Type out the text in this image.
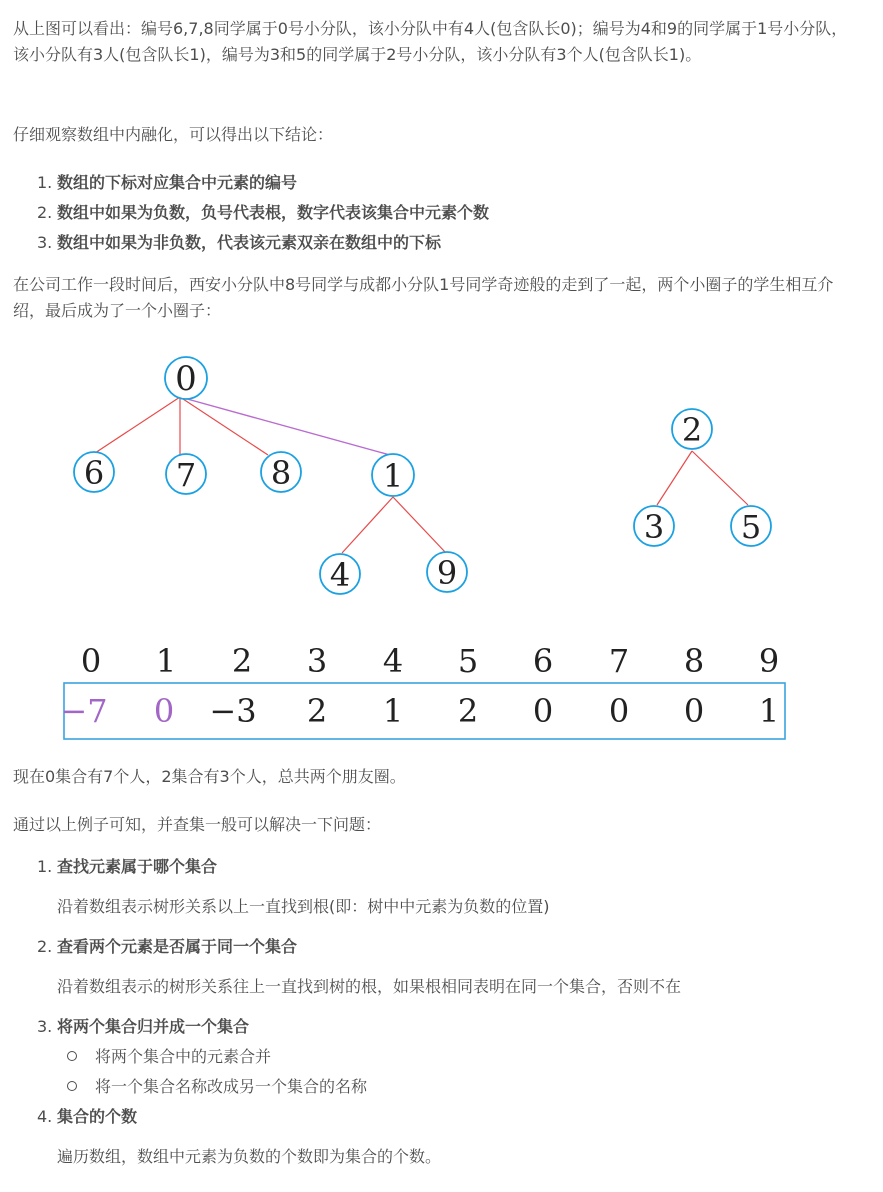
从上图可以看出：编号6,7,8同学属于0号小分队，该小分队中有4人(包含队长0)；编号为4和9的同学属于1号小分队，该小分队有3人(包含队长1)，编号为3和5的同学属于2号小分队，该小分队有3个人(包含队长1)。

仔细观察数组中内融化，可以得出以下结论：

1. 数组的下标对应集合中元素的编号
2. 数组中如果为负数，负号代表根，数字代表该集合中元素个数
3. 数组中如果为非负数，代表该元素双亲在数组中的下标

在公司工作一段时间后，西安小分队中8号同学与成都小分队1号同学奇迹般的走到了一起，两个小圈子的学生相互介绍，最后成为了一个小圈子：

0
6 7 8	1
4	9
2
3 5
0 1 2 3 4 5 6 7 8 9
−7 0 −3 2 1 2 0 0 0 1

现在0集合有7个人，2集合有3个人，总共两个朋友圈。

通过以上例子可知，并查集一般可以解决一下问题：

1. 查找元素属于哪个集合
沿着数组表示树形关系以上一直找到根(即：树中中元素为负数的位置)
2. 查看两个元素是否属于同一个集合
沿着数组表示的树形关系往上一直找到树的根，如果根相同表明在同一个集合，否则不在
3. 将两个集合归并成一个集合
将两个集合中的元素合并
将一个集合名称改成另一个集合的名称
4. 集合的个数
遍历数组，数组中元素为负数的个数即为集合的个数。
